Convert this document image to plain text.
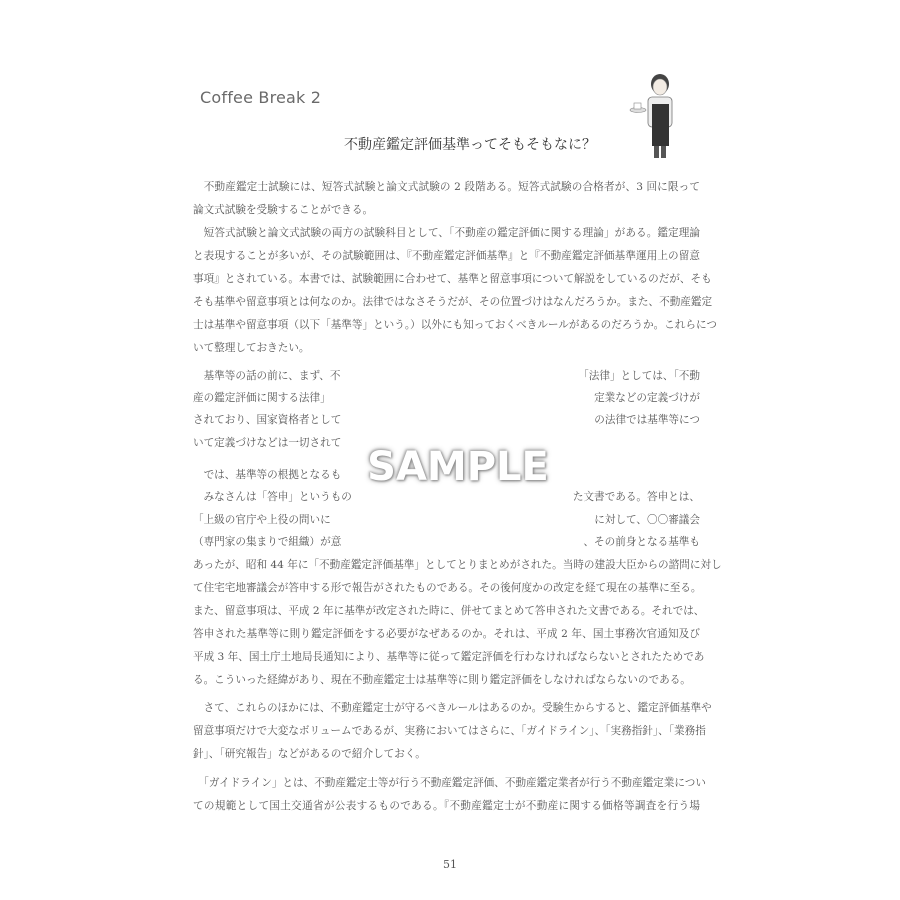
Coffee Break 2
不動産鑑定評価基準ってそもそもなに？
　不動産鑑定士試験には、短答式試験と論文式試験の 2 段階ある。短答式試験の合格者が、3 回に限って
論文式試験を受験することができる。
　短答式試験と論文式試験の両方の試験科目として、「不動産の鑑定評価に関する理論」がある。鑑定理論
と表現することが多いが、その試験範囲は、『不動産鑑定評価基準』と『不動産鑑定評価基準運用上の留意
事項』とされている。本書では、試験範囲に合わせて、基準と留意事項について解説をしているのだが、そも
そも基準や留意事項とは何なのか。法律ではなさそうだが、その位置づけはなんだろうか。また、不動産鑑定
士は基準や留意事項（以下「基準等」という。）以外にも知っておくべきルールがあるのだろうか。これらにつ
いて整理しておきたい。
　基準等の話の前に、まず、不	「法律」としては、「不動
産の鑑定評価に関する法律」	定業などの定義づけが
されており、国家資格者として	の法律では基準等につ
いて定義づけなどは一切されて
　では、基準等の根拠となるも
　みなさんは「答申」というもの	た文書である。答申とは、
「上級の官庁や上役の問いに	に対して、〇〇審議会
（専門家の集まりで組織）が意	、その前身となる基準も
あったが、昭和 44 年に「不動産鑑定評価基準」としてとりまとめがされた。当時の建設大臣からの諮問に対し
て住宅宅地審議会が答申する形で報告がされたものである。その後何度かの改定を経て現在の基準に至る。
また、留意事項は、平成 2 年に基準が改定された時に、併せてまとめて答申された文書である。それでは、
答申された基準等に則り鑑定評価をする必要がなぜあるのか。それは、平成 2 年、国土事務次官通知及び
平成 3 年、国土庁土地局長通知により、基準等に従って鑑定評価を行わなければならないとされたためであ
る。こういった経緯があり、現在不動産鑑定士は基準等に則り鑑定評価をしなければならないのである。
　さて、これらのほかには、不動産鑑定士が守るべきルールはあるのか。受験生からすると、鑑定評価基準や
留意事項だけで大変なボリュームであるが、実務においてはさらに、「ガイドライン」、「実務指針」、「業務指
針」、「研究報告」などがあるので紹介しておく。
　「ガイドライン」とは、不動産鑑定士等が行う不動産鑑定評価、不動産鑑定業者が行う不動産鑑定業につい
ての規範として国土交通省が公表するものである。『不動産鑑定士が不動産に関する価格等調査を行う場
SAMPLE
51
